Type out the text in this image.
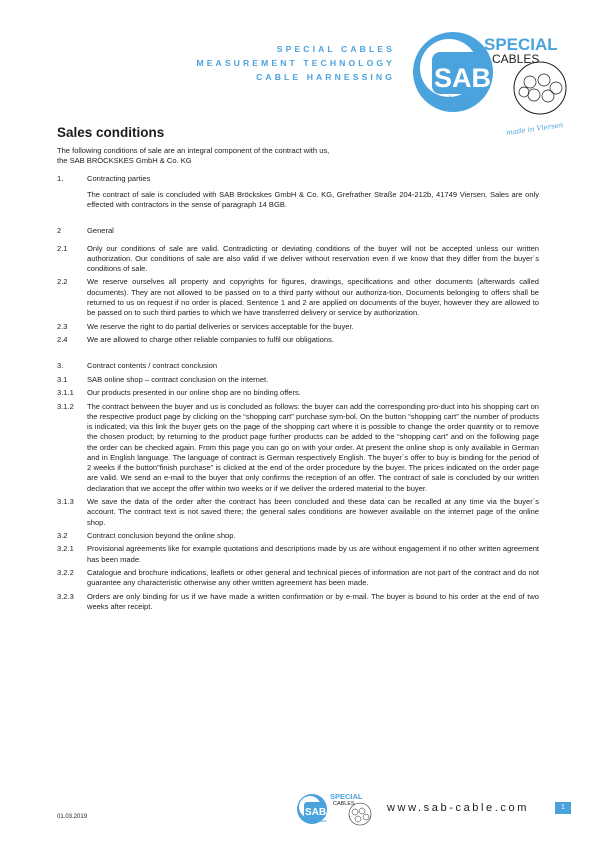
SPECIAL CABLES
MEASUREMENT TECHNOLOGY
CABLE HARNESSING
SPECIAL
CABLES
SAB
BRÖCKSKES
made in Viersen
Sales conditions

The following conditions of sale are an integral component of the contract with us,
the SAB BRÖCKSKES GmbH & Co. KG

1.	Contracting parties
The contract of sale is concluded with SAB Bröckskes GmbH & Co. KG, Grefrather Straße 204-212b, 41749 Viersen. Sales are only effected with contractors in the sense of paragraph 14 BGB.
2	General
2.1	Only our conditions of sale are valid. Contradicting or deviating conditions of the buyer will not be accepted unless our written authorization. Our conditions of sale are also valid if we deliver without reservation even if we know that they differ from the buyer´s conditions of sale.
2.2	We reserve ourselves all property and copyrights for figures, drawings, specifications and other documents (afterwards called documents). They are not allowed to be passed on to a third party without our authoriza-tion. Documents belonging to offers shall be returned to us on request if no order is placed. Sentence 1 and 2 are applied on documents of the buyer, however they are allowed to be passed on to such third parties to which we have transferred delivery or service by authorization.
2.3	We reserve the right to do partial deliveries or services acceptable for the buyer.
2.4	We are allowed to charge other reliable companies to fulfil our obligations.
3.	Contract contents / contract conclusion
3.1	SAB online shop – contract conclusion on the internet.
3.1.1	Our products presented in our online shop are no binding offers.
3.1.2	The contract between the buyer and us is concluded as follows: the buyer can add the corresponding pro-duct into his shopping cart on the respective product page by clicking on the “shopping cart” purchase sym-bol. On the button “shopping cart” the number of products is indicated; via this link the buyer gets on the page of the shopping cart where it is possible to change the order quantity or to remove the chosen product; by returning to the product page further products can be added to the “shopping cart” and on the following page the order can be checked again. From this page you can go on with your order. At present the online shop is only available in German and in English language. The language of contract is German respectively English. The buyer´s offer to buy is binding for the period of 2 weeks if the button”finish purchase” is clicked at the end of the order procedure by the buyer. The prices indicated on the order page are valid. We send an e-mail to the buyer that only confirms the reception of an offer. The contract of sale is concluded by our written declaration that we accept the offer within two weeks or if we deliver the ordered material to the buyer.
3.1.3	We save the data of the order after the contract has been concluded and these data can be recalled at any time via the buyer´s account. The contract text is not saved there; the general sales conditions are however available on the internet page of the online shop.
3.2	Contract conclusion beyond the online shop.
3.2.1	Provisional agreements like for example quotations and descriptions made by us are without engagement if no other written agreement has been made.
3.2.2	Catalogue and brochure indications, leaflets or other general and technical pieces of information are not part of the contract and do not guarantee any characteristic otherwise any other written agreement has been made.
3.2.3	Orders are only binding for us if we have made a written confirmation or by e-mail. The buyer is bound to his order at the end of two weeks after receipt.
01.03.2019
SPECIAL
CABLES
SAB
BRÖCKSKES
www.sab-cable.com	1
